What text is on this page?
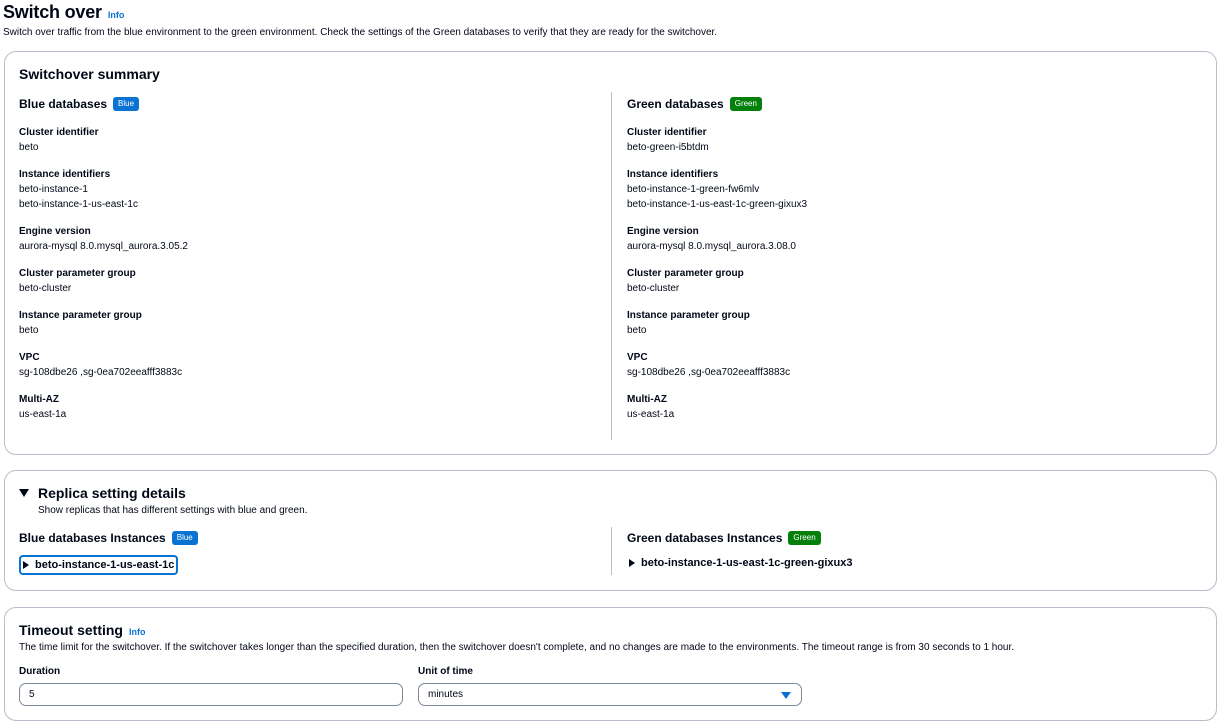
Switch over Info
Switch over traffic from the blue environment to the green environment. Check the settings of the Green databases to verify that they are ready for the switchover.
Switchover summary
Blue databases	Blue
Cluster identifier
beto
Instance identifiers
beto-instance-1
beto-instance-1-us-east-1c
Engine version
aurora-mysql 8.0.mysql_aurora.3.05.2
Cluster parameter group
beto-cluster
Instance parameter group
beto
VPC
sg-108dbe26 ,sg-0ea702eeafff3883c
Multi-AZ
us-east-1a
Green databases	Green
Cluster identifier
beto-green-i5btdm
Instance identifiers
beto-instance-1-green-fw6mlv
beto-instance-1-us-east-1c-green-gixux3
Engine version
aurora-mysql 8.0.mysql_aurora.3.08.0
Cluster parameter group
beto-cluster
Instance parameter group
beto
VPC
sg-108dbe26 ,sg-0ea702eeafff3883c
Multi-AZ
us-east-1a
Replica setting details
Show replicas that has different settings with blue and green.
Blue databases Instances	Blue
beto-instance-1-us-east-1c
Green databases Instances	Green
beto-instance-1-us-east-1c-green-gixux3
Timeout setting Info
The time limit for the switchover. If the switchover takes longer than the specified duration, then the switchover doesn't complete, and no changes are made to the environments. The timeout range is from 30 seconds to 1 hour.
Duration
5
Unit of time
minutes
